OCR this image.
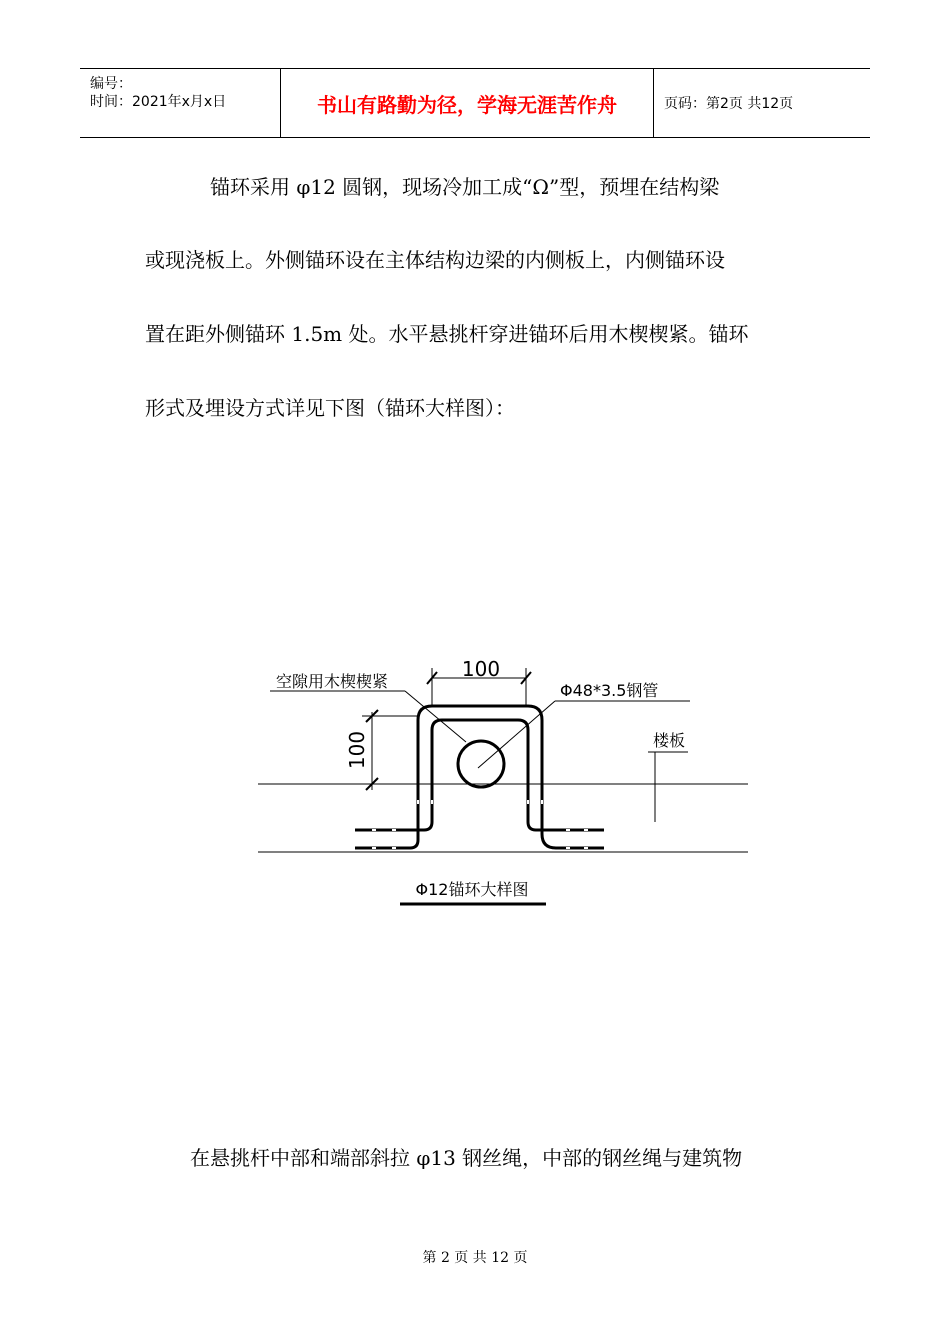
编号：
时间：2021年x月x日	书山有路勤为径，学海无涯苦作舟	页码：第2页 共12页
锚环采用 φ12 圆钢，现场冷加工成“Ω”型，预埋在结构梁
或现浇板上。外侧锚环设在主体结构边梁的内侧板上，内侧锚环设
置在距外侧锚环 1.5m 处。水平悬挑杆穿进锚环后用木楔楔紧。锚环
形式及埋设方式详见下图（锚环大样图）：
100
100
空隙用木楔楔紧	Φ48*3.5钢管
楼板
Φ12锚环大样图
在悬挑杆中部和端部斜拉 φ13 钢丝绳，中部的钢丝绳与建筑物
第 2 页 共 12 页
